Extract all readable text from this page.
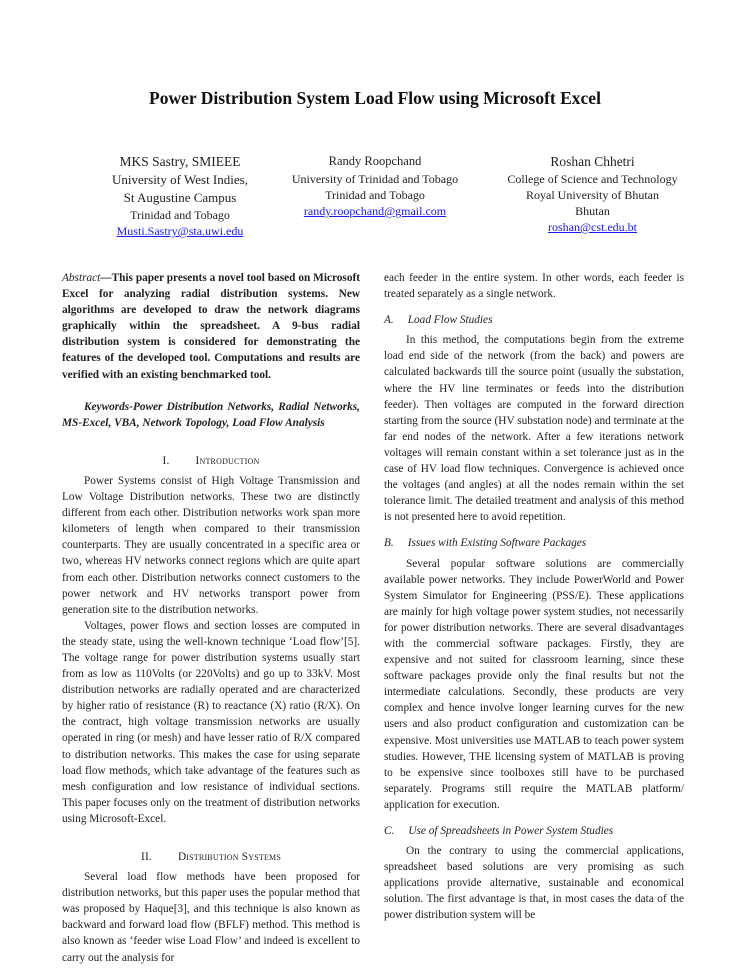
Power Distribution System Load Flow using Microsoft Excel
MKS Sastry, SMIEEE
University of West Indies,
St Augustine Campus
Trinidad and Tobago
Musti.Sastry@sta.uwi.edu
Randy Roopchand
University of Trinidad and Tobago
Trinidad and Tobago
randy.roopchand@gmail.com
Roshan Chhetri
College of Science and Technology
Royal University of Bhutan
Bhutan
roshan@cst.edu.bt

Abstract—This paper presents a novel tool based on Microsoft Excel for analyzing radial distribution systems. New algorithms are developed to draw the network diagrams graphically within the spreadsheet. A 9-bus radial distribution system is considered for demonstrating the features of the developed tool. Computations and results are verified with an existing benchmarked tool.

Keywords-Power Distribution Networks, Radial Networks, MS-Excel, VBA, Network Topology, Load Flow Analysis

I. Introduction

Power Systems consist of High Voltage Transmission and Low Voltage Distribution networks. These two are distinctly different from each other. Distribution networks work span more kilometers of length when compared to their transmission counterparts. They are usually concentrated in a specific area or two, whereas HV networks connect regions which are quite apart from each other. Distribution networks connect customers to the power network and HV networks transport power from generation site to the distribution networks.

Voltages, power flows and section losses are computed in the steady state, using the well-known technique ‘Load flow’[5]. The voltage range for power distribution systems usually start from as low as 110Volts (or 220Volts) and go up to 33kV. Most distribution networks are radially operated and are characterized by higher ratio of resistance (R) to reactance (X) ratio (R/X). On the contract, high voltage transmission networks are usually operated in ring (or mesh) and have lesser ratio of R/X compared to distribution networks. This makes the case for using separate load flow methods, which take advantage of the features such as mesh configuration and low resistance of individual sections. This paper focuses only on the treatment of distribution networks using Microsoft-Excel.

II. Distribution Systems

Several load flow methods have been proposed for distribution networks, but this paper uses the popular method that was proposed by Haque[3], and this technique is also known as backward and forward load flow (BFLF) method. This method is also known as ‘feeder wise Load Flow’ and indeed is excellent to carry out the analysis for

each feeder in the entire system. In other words, each feeder is treated separately as a single network.

A. Load Flow Studies

In this method, the computations begin from the extreme load end side of the network (from the back) and powers are calculated backwards till the source point (usually the substation, where the HV line terminates or feeds into the distribution feeder). Then voltages are computed in the forward direction starting from the source (HV substation node) and terminate at the far end nodes of the network. After a few iterations network voltages will remain constant within a set tolerance just as in the case of HV load flow techniques. Convergence is achieved once the voltages (and angles) at all the nodes remain within the set tolerance limit. The detailed treatment and analysis of this method is not presented here to avoid repetition.

B. Issues with Existing Software Packages

Several popular software solutions are commercially available power networks. They include PowerWorld and Power System Simulator for Engineering (PSS/E). These applications are mainly for high voltage power system studies, not necessarily for power distribution networks. There are several disadvantages with the commercial software packages. Firstly, they are expensive and not suited for classroom learning, since these software packages provide only the final results but not the intermediate calculations. Secondly, these products are very complex and hence involve longer learning curves for the new users and also product configuration and customization can be expensive. Most universities use MATLAB to teach power system studies. However, THE licensing system of MATLAB is proving to be expensive since toolboxes still have to be purchased separately. Programs still require the MATLAB platform/ application for execution.

C. Use of Spreadsheets in Power System Studies

On the contrary to using the commercial applications, spreadsheet based solutions are very promising as such applications provide alternative, sustainable and economical solution. The first advantage is that, in most cases the data of the power distribution system will be
